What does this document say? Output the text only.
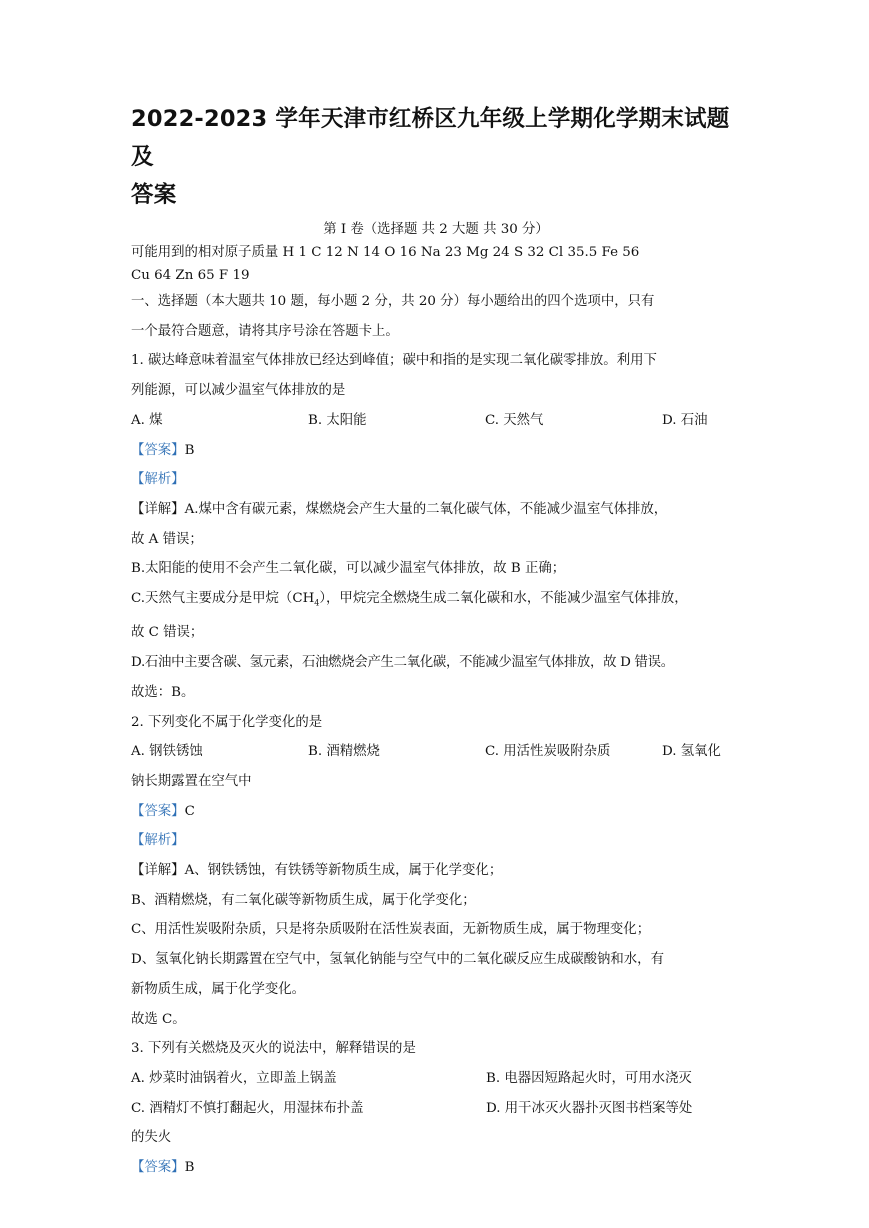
2022-2023 学年天津市红桥区九年级上学期化学期末试题及
答案

第 Ⅰ 卷（选择题 共 2 大题 共 30 分）

可能用到的相对原子质量 H 1 C 12 N 14 O 16 Na 23 Mg 24 S 32 Cl 35.5 Fe 56

Cu 64 Zn 65 F 19

一、选择题（本大题共 10 题，每小题 2 分，共 20 分）每小题给出的四个选项中，只有

一个最符合题意，请将其序号涂在答题卡上。

1. 碳达峰意味着温室气体排放已经达到峰值；碳中和指的是实现二氧化碳零排放。利用下

列能源，可以减少温室气体排放的是

A. 煤	B. 太阳能	C. 天然气	D. 石油

【答案】B

【解析】

【详解】A.煤中含有碳元素，煤燃烧会产生大量的二氧化碳气体，不能减少温室气体排放，

故 A 错误；

B.太阳能的使用不会产生二氧化碳，可以减少温室气体排放，故 B 正确；

C.天然气主要成分是甲烷$(CH_4)$，甲烷完全燃烧生成二氧化碳和水，不能减少温室气体排放，

故 C 错误；

D.石油中主要含碳、氢元素，石油燃烧会产生二氧化碳，不能减少温室气体排放，故 D 错误。

故选：B。

2. 下列变化不属于化学变化的是

A. 钢铁锈蚀	B. 酒精燃烧	C. 用活性炭吸附杂质	D. 氢氧化

钠长期露置在空气中

【答案】C

【解析】

【详解】A、钢铁锈蚀，有铁锈等新物质生成，属于化学变化；

B、酒精燃烧，有二氧化碳等新物质生成，属于化学变化；

C、用活性炭吸附杂质，只是将杂质吸附在活性炭表面，无新物质生成，属于物理变化；

D、氢氧化钠长期露置在空气中，氢氧化钠能与空气中的二氧化碳反应生成碳酸钠和水，有

新物质生成，属于化学变化。

故选 C。

3. 下列有关燃烧及灭火的说法中，解释错误的是

A. 炒菜时油锅着火，立即盖上锅盖	B. 电器因短路起火时，可用水浇灭
C. 酒精灯不慎打翻起火，用湿抹布扑盖	D. 用干冰灭火器扑灭图书档案等处

的失火

【答案】B
